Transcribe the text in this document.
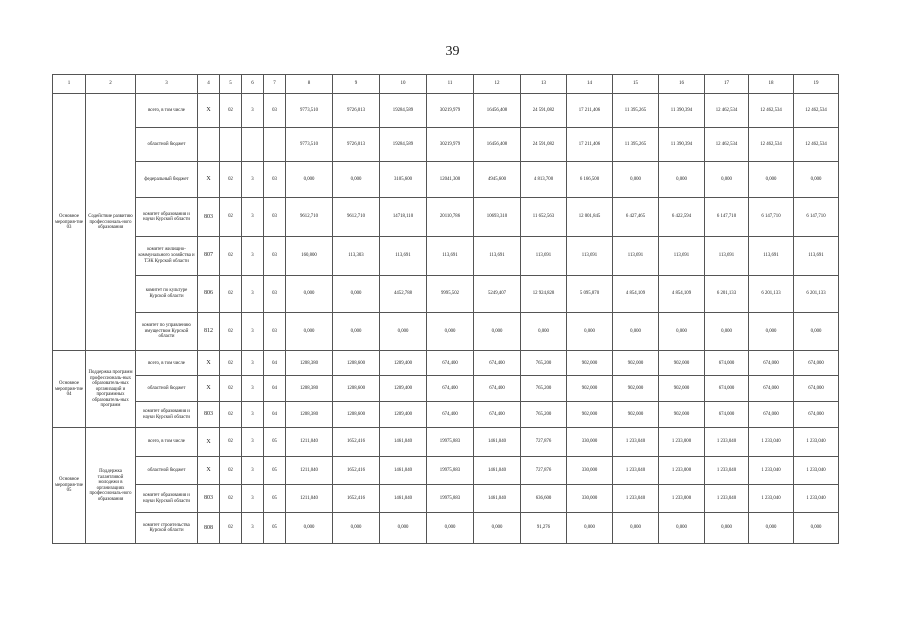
39
1	2	3	4	5	6	7	8	9	10	11	12	13	14	15	16	17	18	19
Основное мероприя-тие 03	Содействие развитию профессиональ-ного образования	всего, в том числе	X	02	3	03	9773,510	9726,013	19284,589	30219,979	16456,408	24 591,082	17 211,406	11 395,265	11 390,394	12 462,534	12 462,534	12 462,534
		областной бюджет					9773,510	9726,013	19284,589	30219,979	16456,408	24 591,082	17 211,406	11 395,265	11 390,394	12 462,534	12 462,534	12 462,534
		федеральный бюджет	X	02	3	03	0,000	0,000	3105,600	12041,300	4945,600	4 813,700	6 166,500	0,000	0,000	0,000	0,000	0,000
		комитет образования и науки Курской области	803	02	3	03	9612,710	9612,710	14718,110	20110,786	10693,310	11 652,563	12 001,845	6 427,465	6 422,594	6 147,710	6 147,710	6 147,710
		комитет жилищно-коммунального хозяйства и ТЭК Курской области	807	02	3	03	160,800	113,303	113,691	113,691	113,691	113,691	113,691	113,691	113,691	113,691	113,691	113,691
		комитет по культуре Курской области	806	02	3	03	0,000	0,000	4452,788	9995,502	5249,407	12 924,828	5 095,870	4 854,109	4 854,109	6 201,133	6 201,133	6 201,133
		комитет по управлению имуществом Курской области	812	02	3	03	0,000	0,000	0,000	0,000	0,000	0,000	0,000	0,000	0,000	0,000	0,000	0,000
Основное мероприя-тие 04	Поддержка программ профессиональ-ных образователь-ных организаций и программных образователь-ных программ	всего, в том числе	X	02	3	04	1208,380	1208,600	1209,400	674,400	674,400	765,200	902,000	902,000	902,000	674,000	674,000	674,000
		областной бюджет	X	02	3	04	1208,380	1208,600	1209,400	674,400	674,400	765,200	902,000	902,000	902,000	674,000	674,000	674,000
		комитет образования и науки Курской области	803	02	3	04	1208,380	1208,600	1209,400	674,400	674,400	765,200	902,000	902,000	902,000	674,000	674,000	674,000
Основное мероприя-тие 05	Поддержка талантливой молодежи в организациях профессиональ-ного образования	всего, в том числе	X	02	3	05	1211,040	1652,416	1461,040	19975,883	1461,040	727,876	330,000	1 233,040	1 233,000	1 233,040	1 233,040	1 233,040
		областной бюджет	X	02	3	05	1211,040	1652,416	1461,040	19975,883	1461,040	727,876	330,000	1 233,040	1 233,000	1 233,040	1 233,040	1 233,040
		комитет образования и науки Курской области	803	02	3	05	1211,040	1652,416	1461,040	19975,883	1461,040	636,600	330,000	1 233,040	1 233,000	1 233,040	1 233,040	1 233,040
		комитет строительства Курской области	808	02	3	05	0,000	0,000	0,000	0,000	0,000	91,276	0,000	0,000	0,000	0,000	0,000	0,000
